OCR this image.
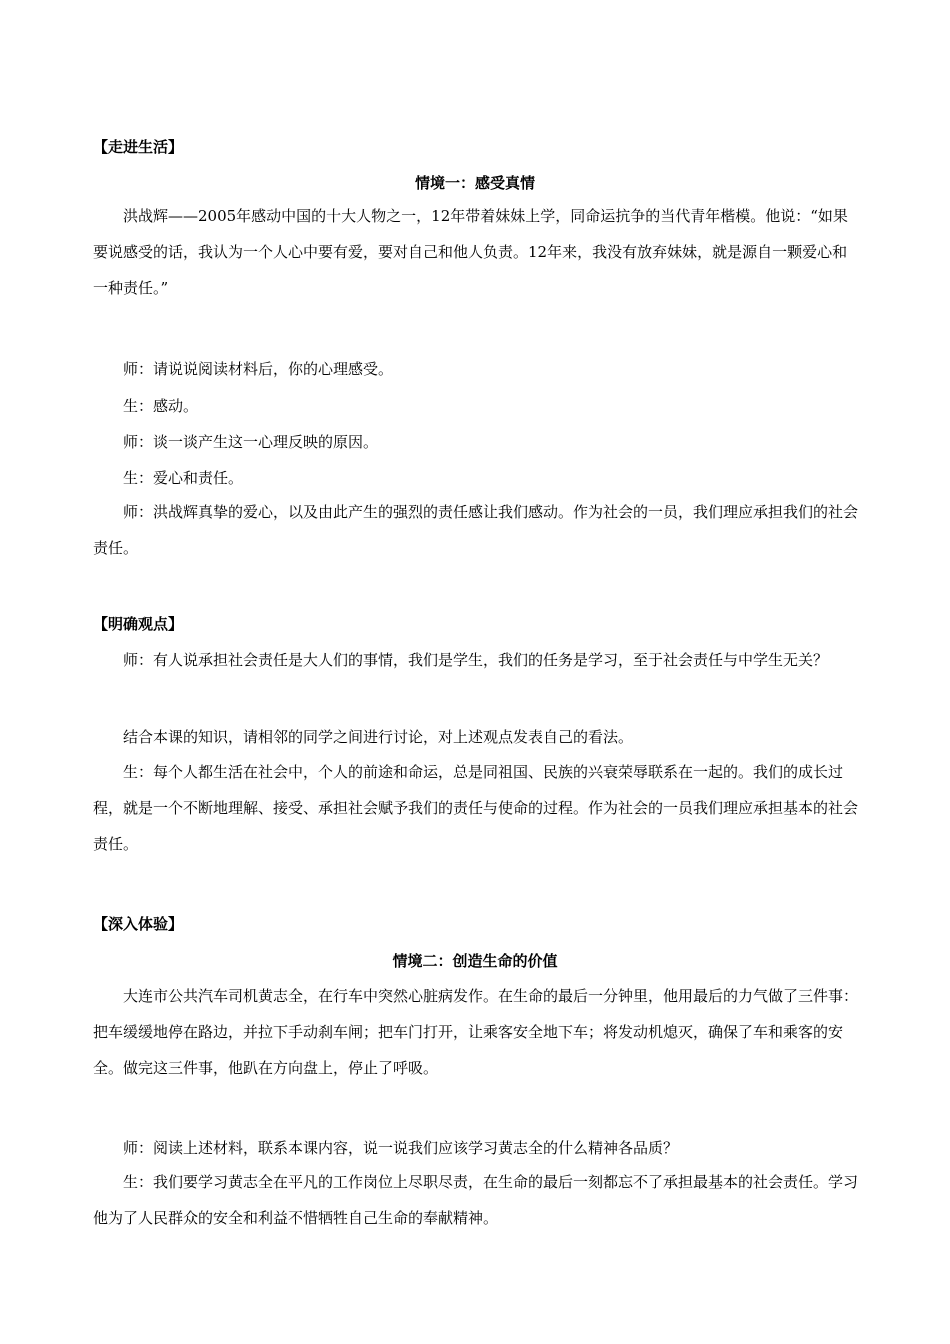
【走进生活】
情境一：感受真情

洪战辉——2005年感动中国的十大人物之一，12年带着妹妹上学，同命运抗争的当代青年楷模。他说：“如果要说感受的话，我认为一个人心中要有爱，要对自己和他人负责。12年来，我没有放弃妹妹，就是源自一颗爱心和一种责任。”

师：请说说阅读材料后，你的心理感受。
生：感动。
师：谈一谈产生这一心理反映的原因。
生：爱心和责任。

师：洪战辉真挚的爱心，以及由此产生的强烈的责任感让我们感动。作为社会的一员，我们理应承担我们的社会责任。

【明确观点】

师：有人说承担社会责任是大人们的事情，我们是学生，我们的任务是学习，至于社会责任与中学生无关？

结合本课的知识，请相邻的同学之间进行讨论，对上述观点发表自己的看法。

生：每个人都生活在社会中，个人的前途和命运，总是同祖国、民族的兴衰荣辱联系在一起的。我们的成长过程，就是一个不断地理解、接受、承担社会赋予我们的责任与使命的过程。作为社会的一员我们理应承担基本的社会责任。

【深入体验】
情境二：创造生命的价值

大连市公共汽车司机黄志全，在行车中突然心脏病发作。在生命的最后一分钟里，他用最后的力气做了三件事：把车缓缓地停在路边，并拉下手动刹车闸；把车门打开，让乘客安全地下车；将发动机熄灭，确保了车和乘客的安全。做完这三件事，他趴在方向盘上，停止了呼吸。

师：阅读上述材料，联系本课内容，说一说我们应该学习黄志全的什么精神各品质？

生：我们要学习黄志全在平凡的工作岗位上尽职尽责，在生命的最后一刻都忘不了承担最基本的社会责任。学习他为了人民群众的安全和利益不惜牺牲自己生命的奉献精神。
